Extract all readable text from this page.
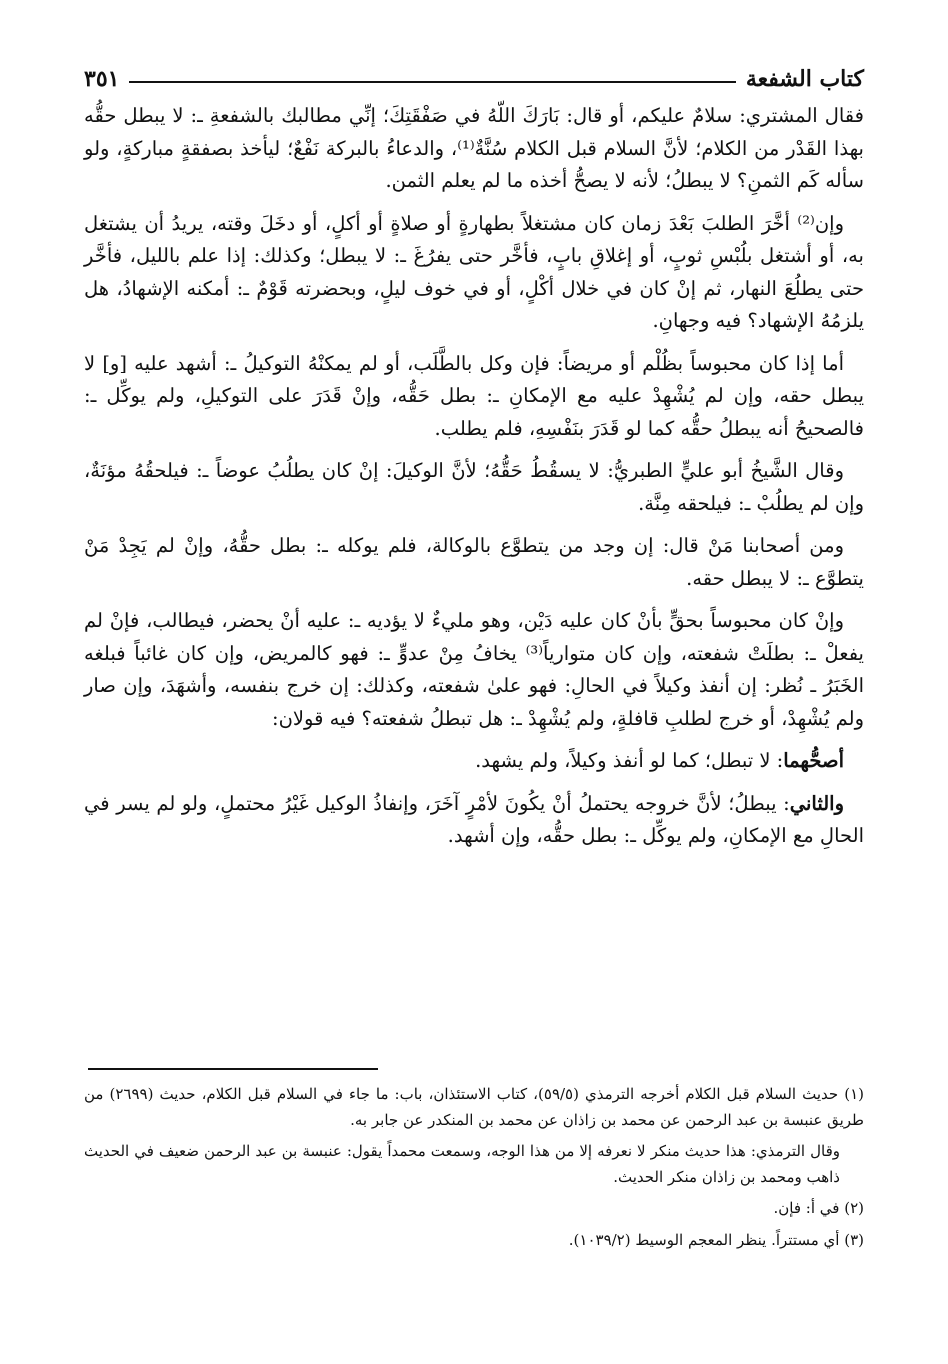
كتاب الشفعة
٣٥١

فقال المشتري: سلامٌ عليكم، أو قال: بَارَكَ اللّهُ في صَفْقَتِكَ؛ إنِّي مطالبك بالشفعةِ ـ: لا يبطل حقُّه بهذا القَدْر من الكلام؛ لأنَّ السلام قبل الكلام سُنَّةٌ⁽¹⁾، والدعاءُ بالبركة نَفْعٌ؛ ليأخذ بصفقةٍ مباركةٍ، ولو سأله كَم الثمنِ؟ لا يبطلُ؛ لأنه لا يصحُّ أخذه ما لم يعلم الثمن.

وإن⁽²⁾ أخَّرَ الطلبَ بَعْدَ زمان كان مشتغلاً بطهارةٍ أو صلاةٍ أو أكلٍ، أو دخَلَ وقته، يريدُ أن يشتغل به، أو أشتغل بلُبْسِ ثوبٍ، أو إغلاقِ بابٍ، فأخَّر حتى يفرُغَ ـ: لا يبطل؛ وكذلك: إذا علم بالليل، فأخَّر حتى يطلُعَ النهار، ثم إنْ كان في خلال أكْلٍ، أو في خوف ليلٍ، وبحضرته قَوْمٌ ـ: أمكنه الإشهادُ، هل يلزمُهُ الإشهاد؟ فيه وجهانِ.

أما إذا كان محبوساً بظُلْم أو مريضاً: فإن وكل بالطَّلَب، أو لم يمكنْهُ التوكيلُ ـ: أشهد عليه [و] لا يبطل حقه، وإن لم يُشْهِدْ عليه مع الإمكانِ ـ: بطل حَقُّه، وإنْ قَدَرَ على التوكيلِ، ولم يوكِّل ـ: فالصحيحُ أنه يبطلُ حقُّه كما لو قَدَرَ بنَفْسِهِ، فلم يطلب.

وقال الشَّيخُ أبو عليٍّ الطبريُّ: لا يسقُطُ حَقُّهُ؛ لأنَّ الوكيلَ: إنْ كان يطلُبُ عوضاً ـ: فيلحقُهُ مؤنَةٌ، وإن لم يطلُبْ ـ: فيلحقه مِنَّة.

ومن أصحابنا مَنْ قال: إن وجد من يتطوَّع بالوكالة، فلم يوكله ـ: بطل حقُّهُ، وإنْ لم يَجِدْ مَنْ يتطوَّع ـ: لا يبطل حقه.

وإنْ كان محبوساً بحقٍّ بأنْ كان عليه دَيْن، وهو مليءٌ لا يؤديه ـ: عليه أنْ يحضر، فيطالب، فإنْ لم يفعلْ ـ: بطلَتْ شفعته، وإن كان متوارياً⁽³⁾ يخافُ مِنْ عدوٍّ ـ: فهو كالمريض، وإن كان غائباً فبلغه الخَبَرُ ـ نُظر: إن أنفذ وكيلاً في الحالِ: فهو علىٰ شفعته، وكذلك: إن خرج بنفسه، وأشهَدَ، وإن صار ولم يُشْهِدْ، أو خرج لطلبِ قافلةٍ، ولم يُشْهِدْ ـ: هل تبطلُ شفعته؟ فيه قولان:

أصحُّهما: لا تبطل؛ كما لو أنفذ وكيلاً، ولم يشهد.

والثاني: يبطلُ؛ لأنَّ خروجه يحتملُ أنْ يكُونَ لأمْرٍ آخَرَ، وإنفاذُ الوكيل غَيْرُ محتملٍ، ولو لم يسر في الحالِ مع الإمكانِ، ولم يوكِّل ـ: بطل حقُّه، وإن أشهد.

(١) حديث السلام قبل الكلام أخرجه الترمذي (٥٩/٥)، كتاب الاستئذان، باب: ما جاء في السلام قبل الكلام، حديث (٢٦٩٩) من طريق عنبسة بن عبد الرحمن عن محمد بن زاذان عن محمد بن المنكدر عن جابر به.

وقال الترمذي: هذا حديث منكر لا نعرفه إلا من هذا الوجه، وسمعت محمداً يقول: عنبسة بن عبد الرحمن ضعيف في الحديث ذاهب ومحمد بن زاذان منكر الحديث.

(٢) في أ: فإن.

(٣) أي مستتراً. ينظر المعجم الوسيط (١٠٣٩/٢).
